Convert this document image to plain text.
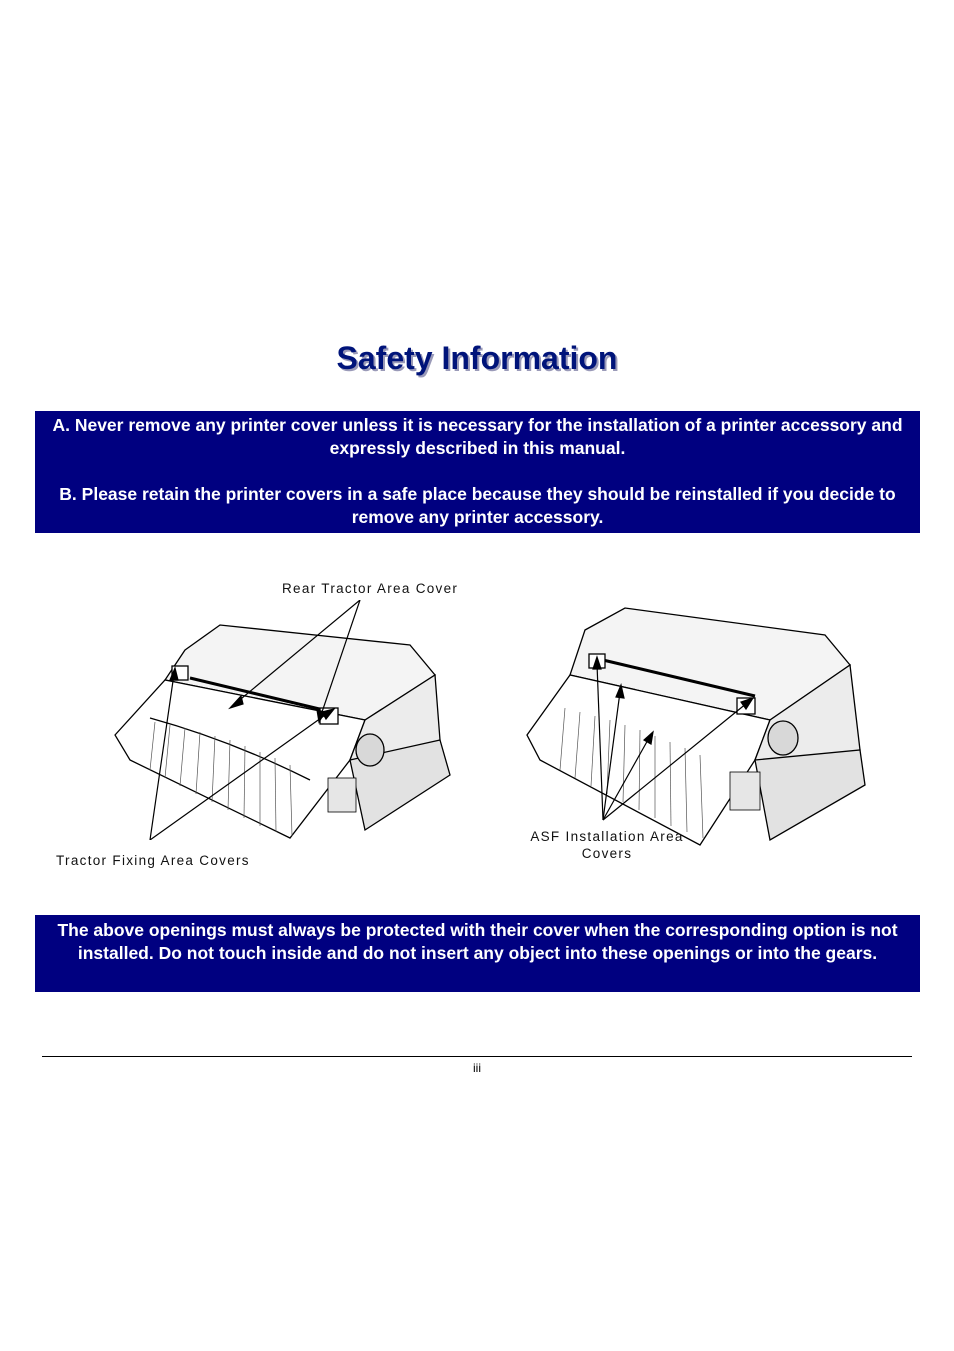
Safety Information

A. Never remove any printer cover unless it is necessary for the installation of a printer accessory and expressly described in this manual.

B. Please retain the printer covers in a safe place because they should be reinstalled if you decide to remove any printer accessory.

Rear Tractor Area Cover
Tractor Fixing Area Covers
ASF Installation Area
Covers

The above openings must always be protected with their cover when the corresponding option is not installed. Do not touch inside and do not insert any object into these openings or into the gears.

iii
